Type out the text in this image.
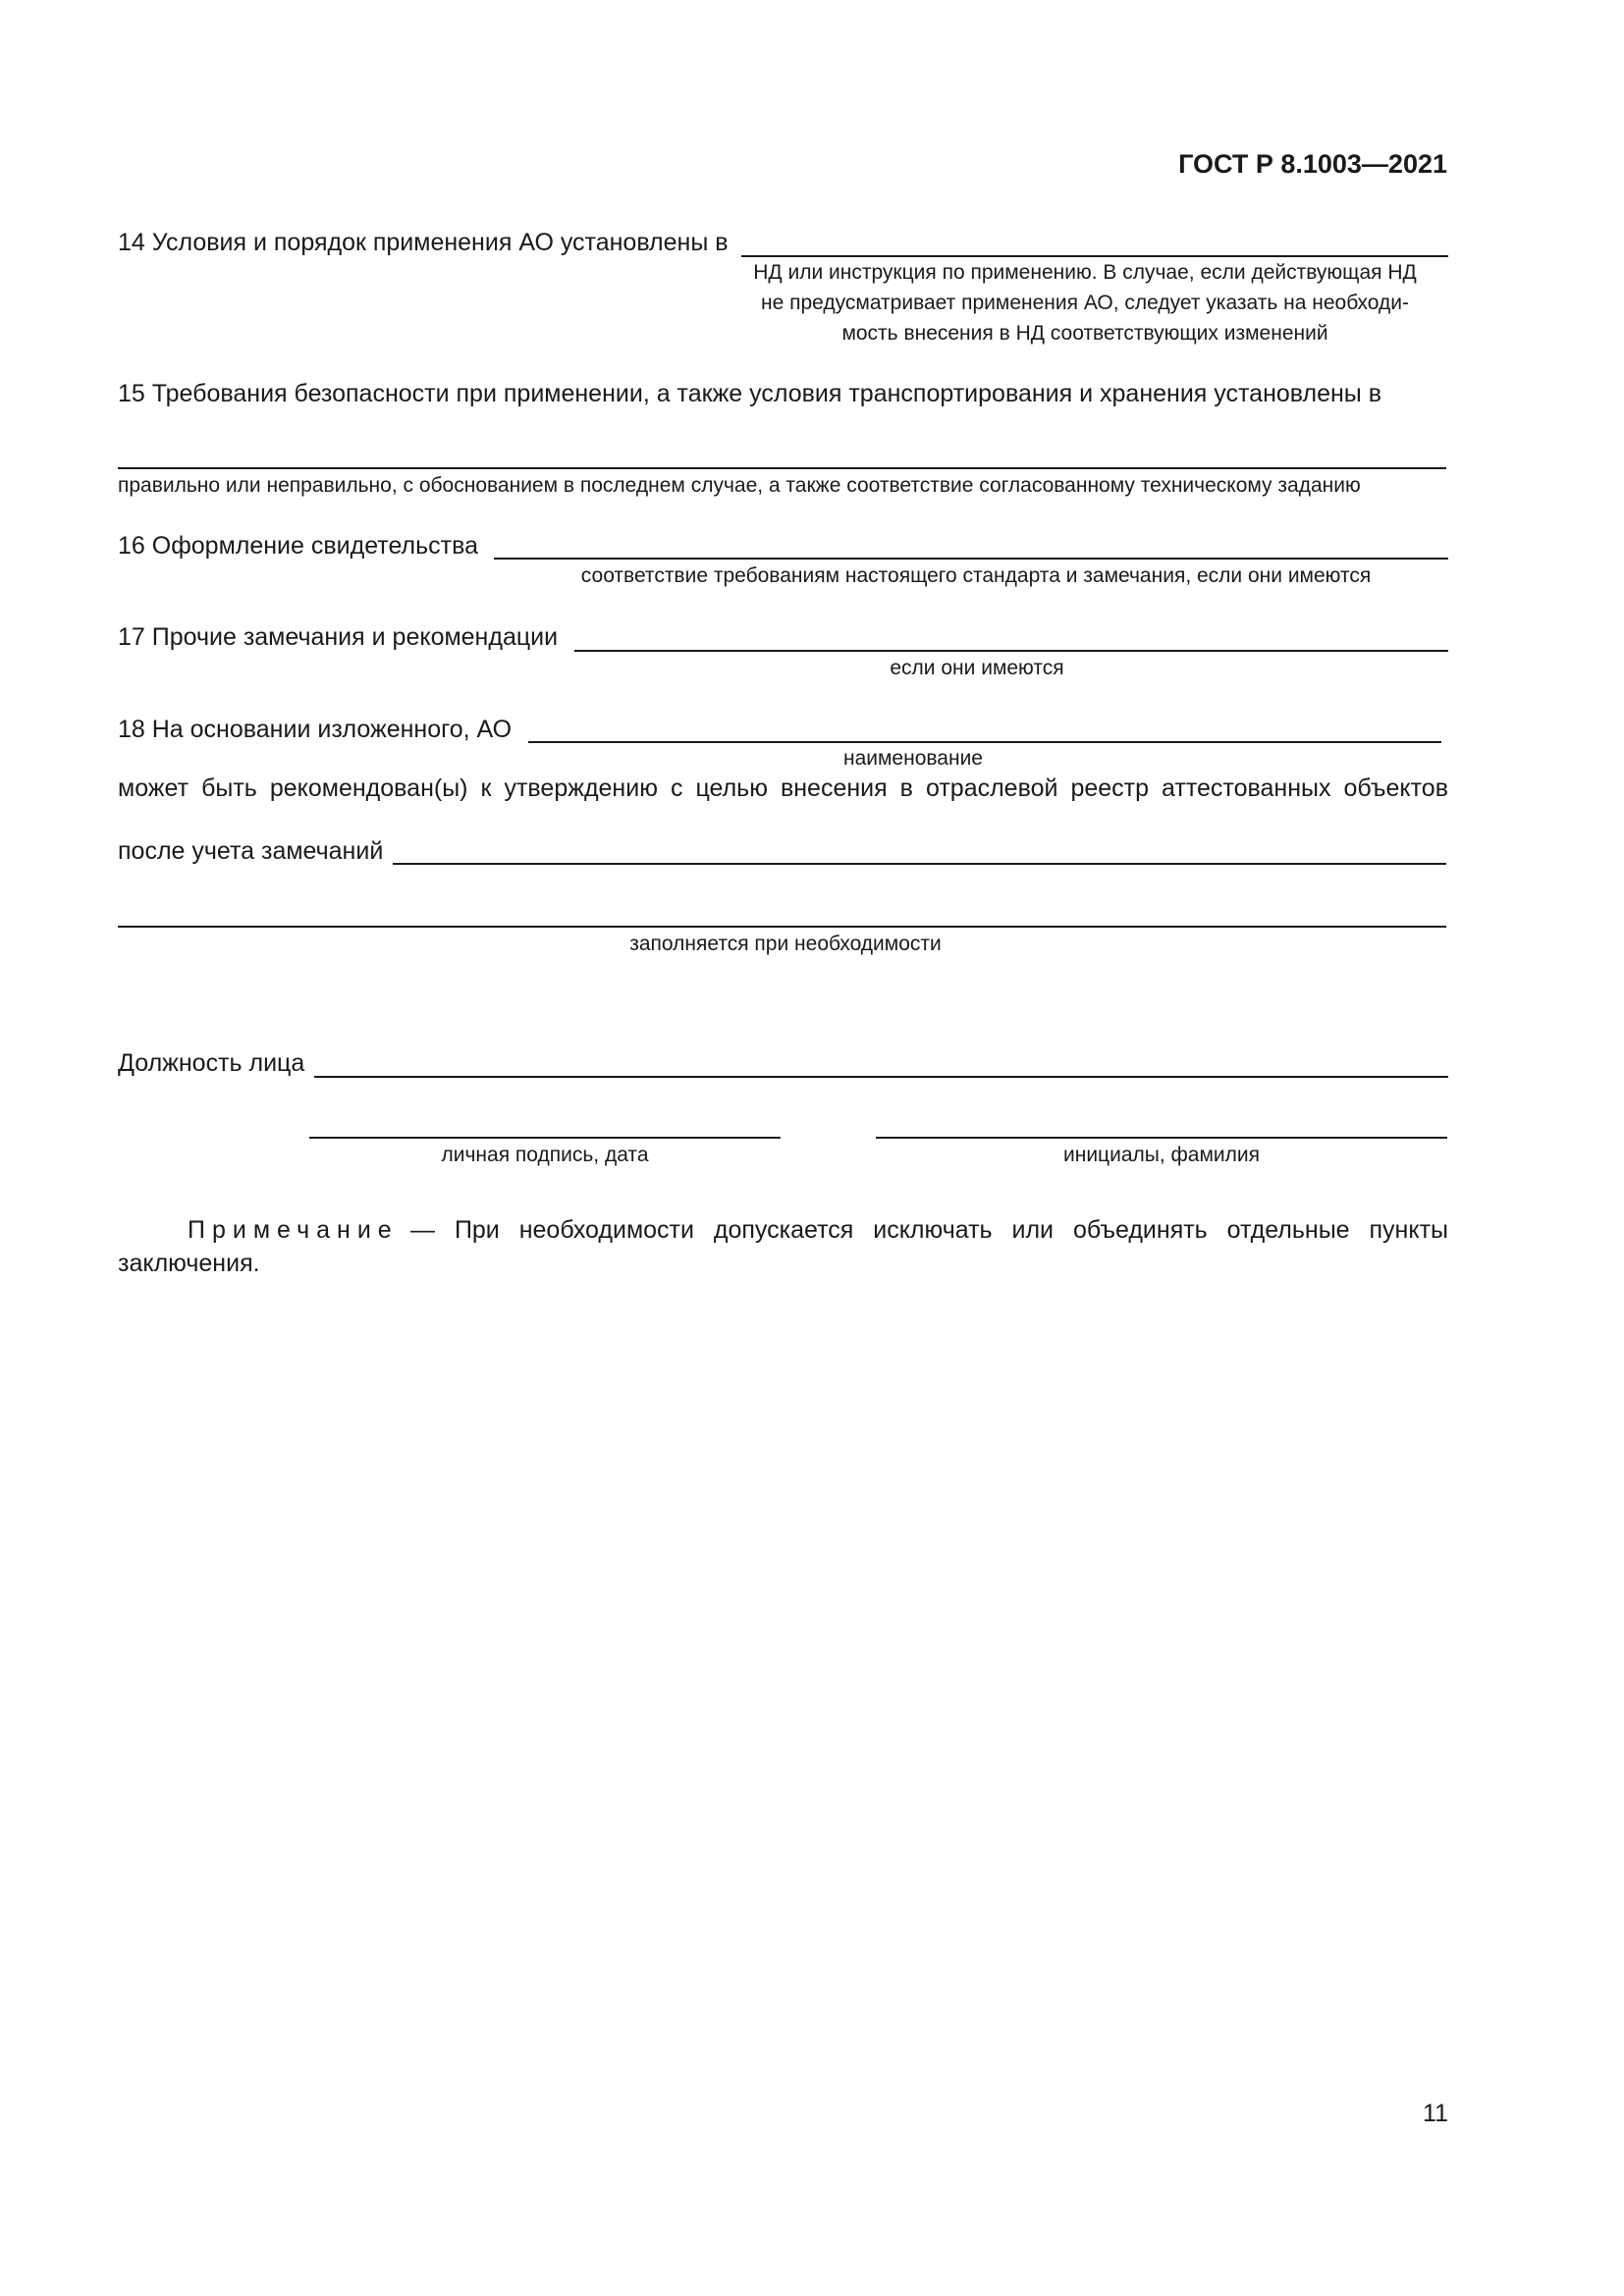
ГОСТ Р 8.1003—2021
14 Условия и порядок применения АО установлены в
НД или инструкция по применению. В случае, если действующая НД
не предусматривает применения АО, следует указать на необходи-
мость внесения в НД соответствующих изменений
15 Требования безопасности при применении, а также условия транспортирования и хранения установлены в
правильно или неправильно, с обоснованием в последнем случае, а также соответствие согласованному техническому заданию
16 Оформление свидетельства
соответствие требованиям настоящего стандарта и замечания, если они имеются
17 Прочие замечания и рекомендации
если они имеются
18 На основании изложенного, АО
наименование
может быть рекомендован(ы) к утверждению с целью внесения в отраслевой реестр аттестованных объектов
после учета замечаний
заполняется при необходимости
Должность лица
личная подпись, дата	инициалы, фамилия
Примечание — При необходимости допускается исключать или объединять отдельные пункты
заключения.
11
